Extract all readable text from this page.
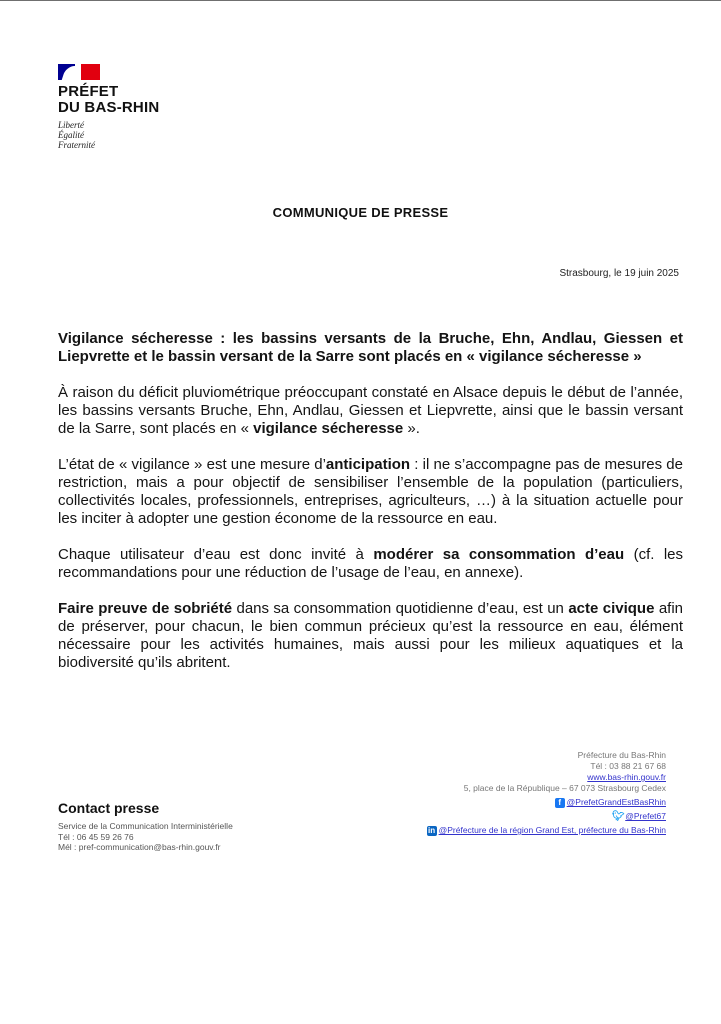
PRÉFET
DU BAS-RHIN
Liberté
Égalité
Fraternité
COMMUNIQUE DE PRESSE
Strasbourg, le 19 juin 2025

Vigilance sécheresse : les bassins versants de la Bruche, Ehn, Andlau, Giessen et Liepvrette et le bassin versant de la Sarre sont placés en « vigilance sécheresse »

À raison du déficit pluviométrique préoccupant constaté en Alsace depuis le début de l’année, les bassins versants Bruche, Ehn, Andlau, Giessen et Liepvrette, ainsi que le bassin versant de la Sarre, sont placés en « vigilance sécheresse ».

L’état de « vigilance » est une mesure d’anticipation : il ne s’accompagne pas de mesures de restriction, mais a pour objectif de sensibiliser l’ensemble de la population (particuliers, collectivités locales, professionnels, entreprises, agriculteurs, …) à la situation actuelle pour les inciter à adopter une gestion économe de la ressource en eau.

Chaque utilisateur d’eau est donc invité à modérer sa consommation d’eau (cf. les recommandations pour une réduction de l’usage de l’eau, en annexe).

Faire preuve de sobriété dans sa consommation quotidienne d’eau, est un acte civique afin de préserver, pour chacun, le bien commun précieux qu’est la ressource en eau, élément nécessaire pour les activités humaines, mais aussi pour les milieux aquatiques et la biodiversité qu’ils abritent.

Préfecture du Bas-Rhin
Tél : 03 88 21 67 68
www.bas-rhin.gouv.fr
5, place de la République – 67 073 Strasbourg Cedex
f @PrefetGrandEstBasRhin
🐦︎ @Prefet67
in @Préfecture de la région Grand Est, préfecture du Bas-Rhin
Contact presse
Service de la Communication Interministérielle
Tél : 06 45 59 26 76
Mél : pref-communication@bas-rhin.gouv.fr
